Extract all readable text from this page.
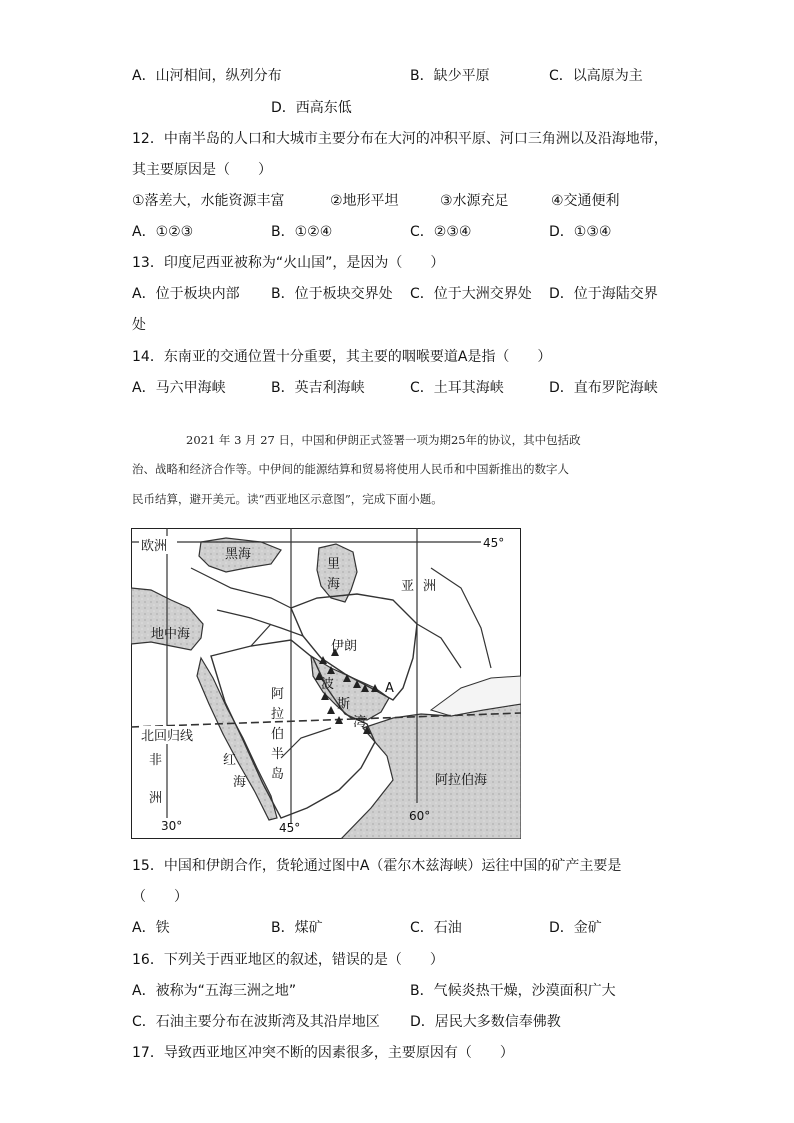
A．山河相间，纵列分布	B．缺少平原	C．以高原为主
D．西高东低
12．中南半岛的人口和大城市主要分布在大河的冲积平原、河口三角洲以及沿海地带，
其主要原因是（　　）
①落差大，水能资源丰富	②地形平坦	③水源充足	④交通便利
A．①②③	B．①②④	C．②③④	D．①③④
13．印度尼西亚被称为“火山国”，是因为（　　）
A．位于板块内部 B．位于板块交界处 C．位于大洲交界处 D．位于海陆交界
处
14．东南亚的交通位置十分重要，其主要的咽喉要道A是指（　　）
A．马六甲海峡	B．英吉利海峡	C．土耳其海峡	D．直布罗陀海峡
2021 年 3 月 27 日，中国和伊朗正式签署一项为期25年的协议，其中包括政
治、战略和经济合作等。中伊间的能源结算和贸易将使用人民币和中国新推出的数字人
民币结算，避开美元。读“西亚地区示意图”，完成下面小题。
欧洲
黑海
里
海	亚 洲
地中海
伊朗
波
斯
湾
A
阿
拉
伯
半
岛
北回归线
非
洲
红
海	阿拉伯海
45°
30°	45°
60°
15．中国和伊朗合作，货轮通过图中A（霍尔木兹海峡）运往中国的矿产主要是
（　　）
A．铁	B．煤矿	C．石油	D．金矿
16．下列关于西亚地区的叙述，错误的是（　　）
A．被称为“五海三洲之地”	B．气候炎热干燥，沙漠面积广大
C．石油主要分布在波斯湾及其沿岸地区 D．居民大多数信奉佛教
17．导致西亚地区冲突不断的因素很多，主要原因有（　　）
